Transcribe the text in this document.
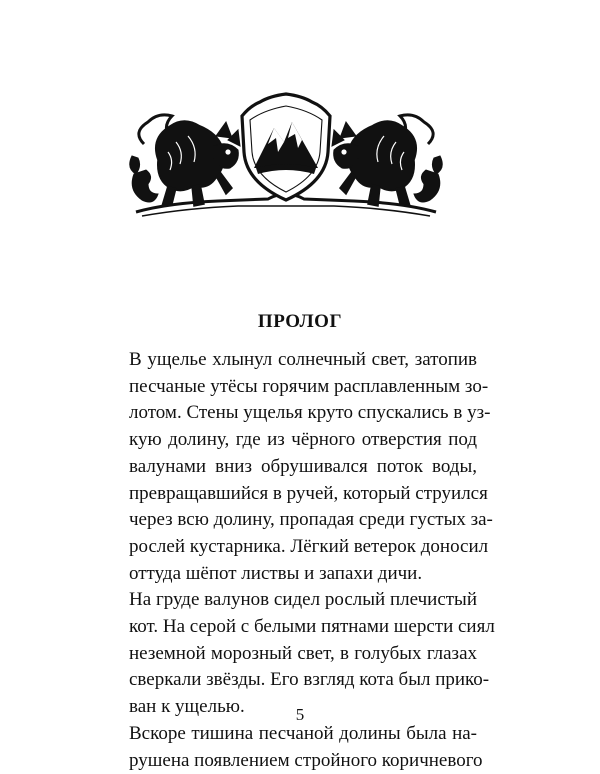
ПРОЛОГ

В ущелье хлынул солнечный свет, затопив
песчаные утёсы горячим расплавленным зо-
лотом. Стены ущелья круто спускались в уз-
кую долину, где из чёрного отверстия под
валунами вниз обрушивался поток воды,
превращавшийся в ручей, который струился
через всю долину, пропадая среди густых за-
рослей кустарника. Лёгкий ветерок доносил
оттуда шёпот листвы и запахи дичи.

На груде валунов сидел рослый плечистый
кот. На серой с белыми пятнами шерсти сиял
неземной морозный свет, в голубых глазах
сверкали звёзды. Его взгляд кота был прико-
ван к ущелью.

Вскоре тишина песчаной долины была на-
рушена появлением стройного коричневого

5
